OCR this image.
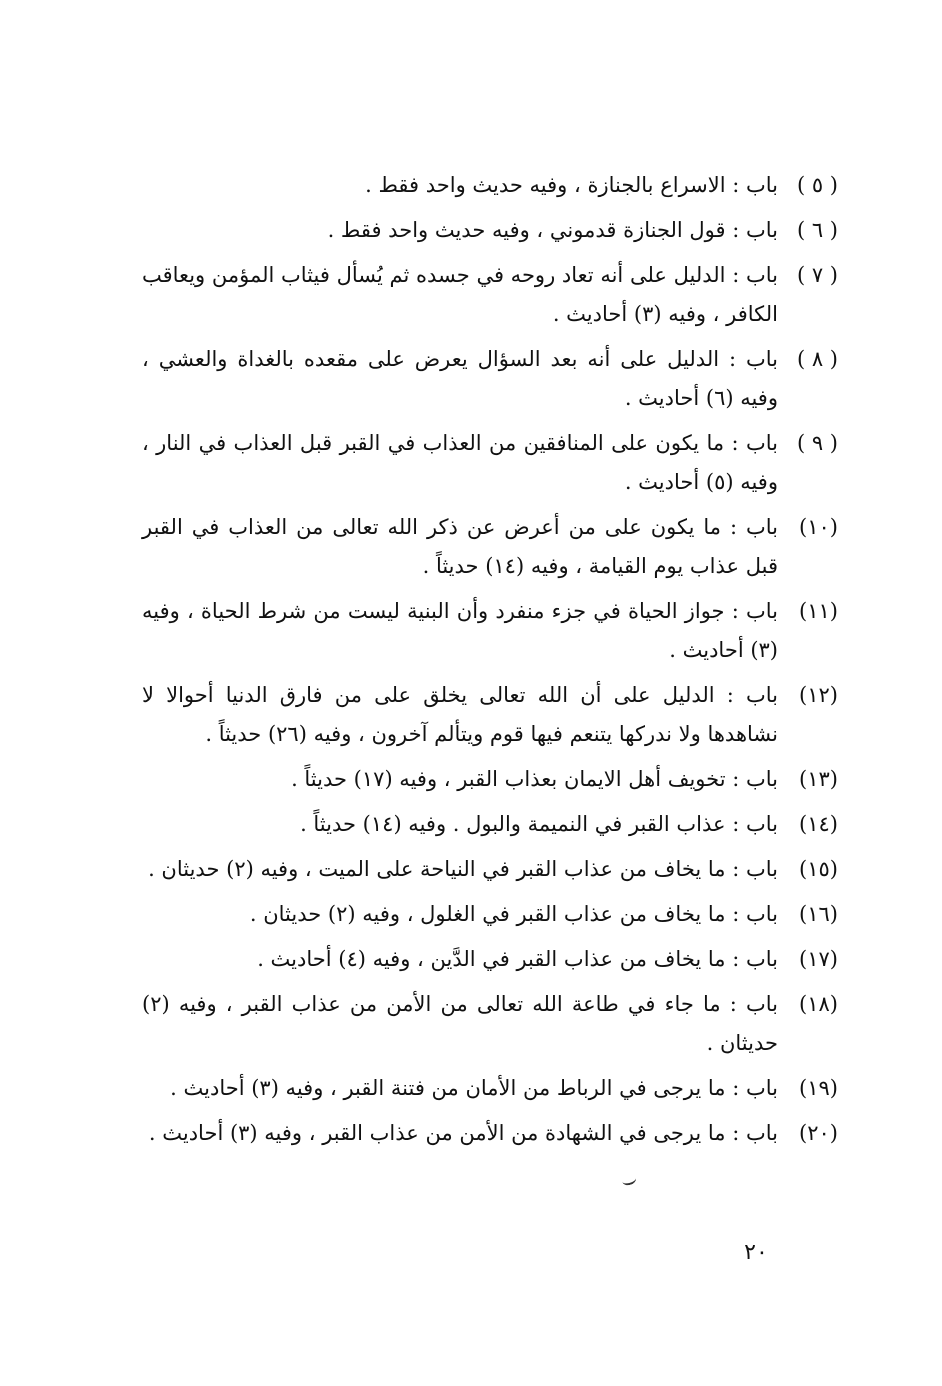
( ٥ )
باب : الاسراع بالجنازة ، وفيه حديث واحد فقط .
( ٦ )
باب : قول الجنازة قدموني ، وفيه حديث واحد فقط .
( ٧ )
باب : الدليل على أنه تعاد روحه في جسده ثم يُسأل فيثاب المؤمن ويعاقب الكافر ، وفيه (٣) أحاديث .
( ٨ )
باب : الدليل على أنه بعد السؤال يعرض على مقعده بالغداة والعشي ، وفيه (٦) أحاديث .
( ٩ )
باب : ما يكون على المنافقين من العذاب في القبر قبل العذاب في النار ، وفيه (٥) أحاديث .
(١٠)
باب : ما يكون على من أعرض عن ذكر الله تعالى من العذاب في القبر قبل عذاب يوم القيامة ، وفيه (١٤) حديثاً .
(١١)
باب : جواز الحياة في جزء منفرد وأن البنية ليست من شرط الحياة ، وفيه (٣) أحاديث .
(١٢)
باب : الدليل على أن الله تعالى يخلق على من فارق الدنيا أحوالا لا نشاهدها ولا ندركها يتنعم فيها قوم ويتألم آخرون ، وفيه (٢٦) حديثاً .
(١٣)
باب : تخويف أهل الايمان بعذاب القبر ، وفيه (١٧) حديثاً .
(١٤)
باب : عذاب القبر في النميمة والبول . وفيه (١٤) حديثاً .
(١٥)
باب : ما يخاف من عذاب القبر في النياحة على الميت ، وفيه (٢) حديثان .
(١٦)
باب : ما يخاف من عذاب القبر في الغلول ، وفيه (٢) حديثان .
(١٧)
باب : ما يخاف من عذاب القبر في الدَّين ، وفيه (٤) أحاديث .
(١٨)
باب : ما جاء في طاعة الله تعالى من الأمن من عذاب القبر ، وفيه (٢) حديثان .
(١٩)
باب : ما يرجى في الرباط من الأمان من فتنة القبر ، وفيه (٣) أحاديث .
(٢٠)
باب : ما يرجى في الشهادة من الأمن من عذاب القبر ، وفيه (٣) أحاديث .
٢٠
